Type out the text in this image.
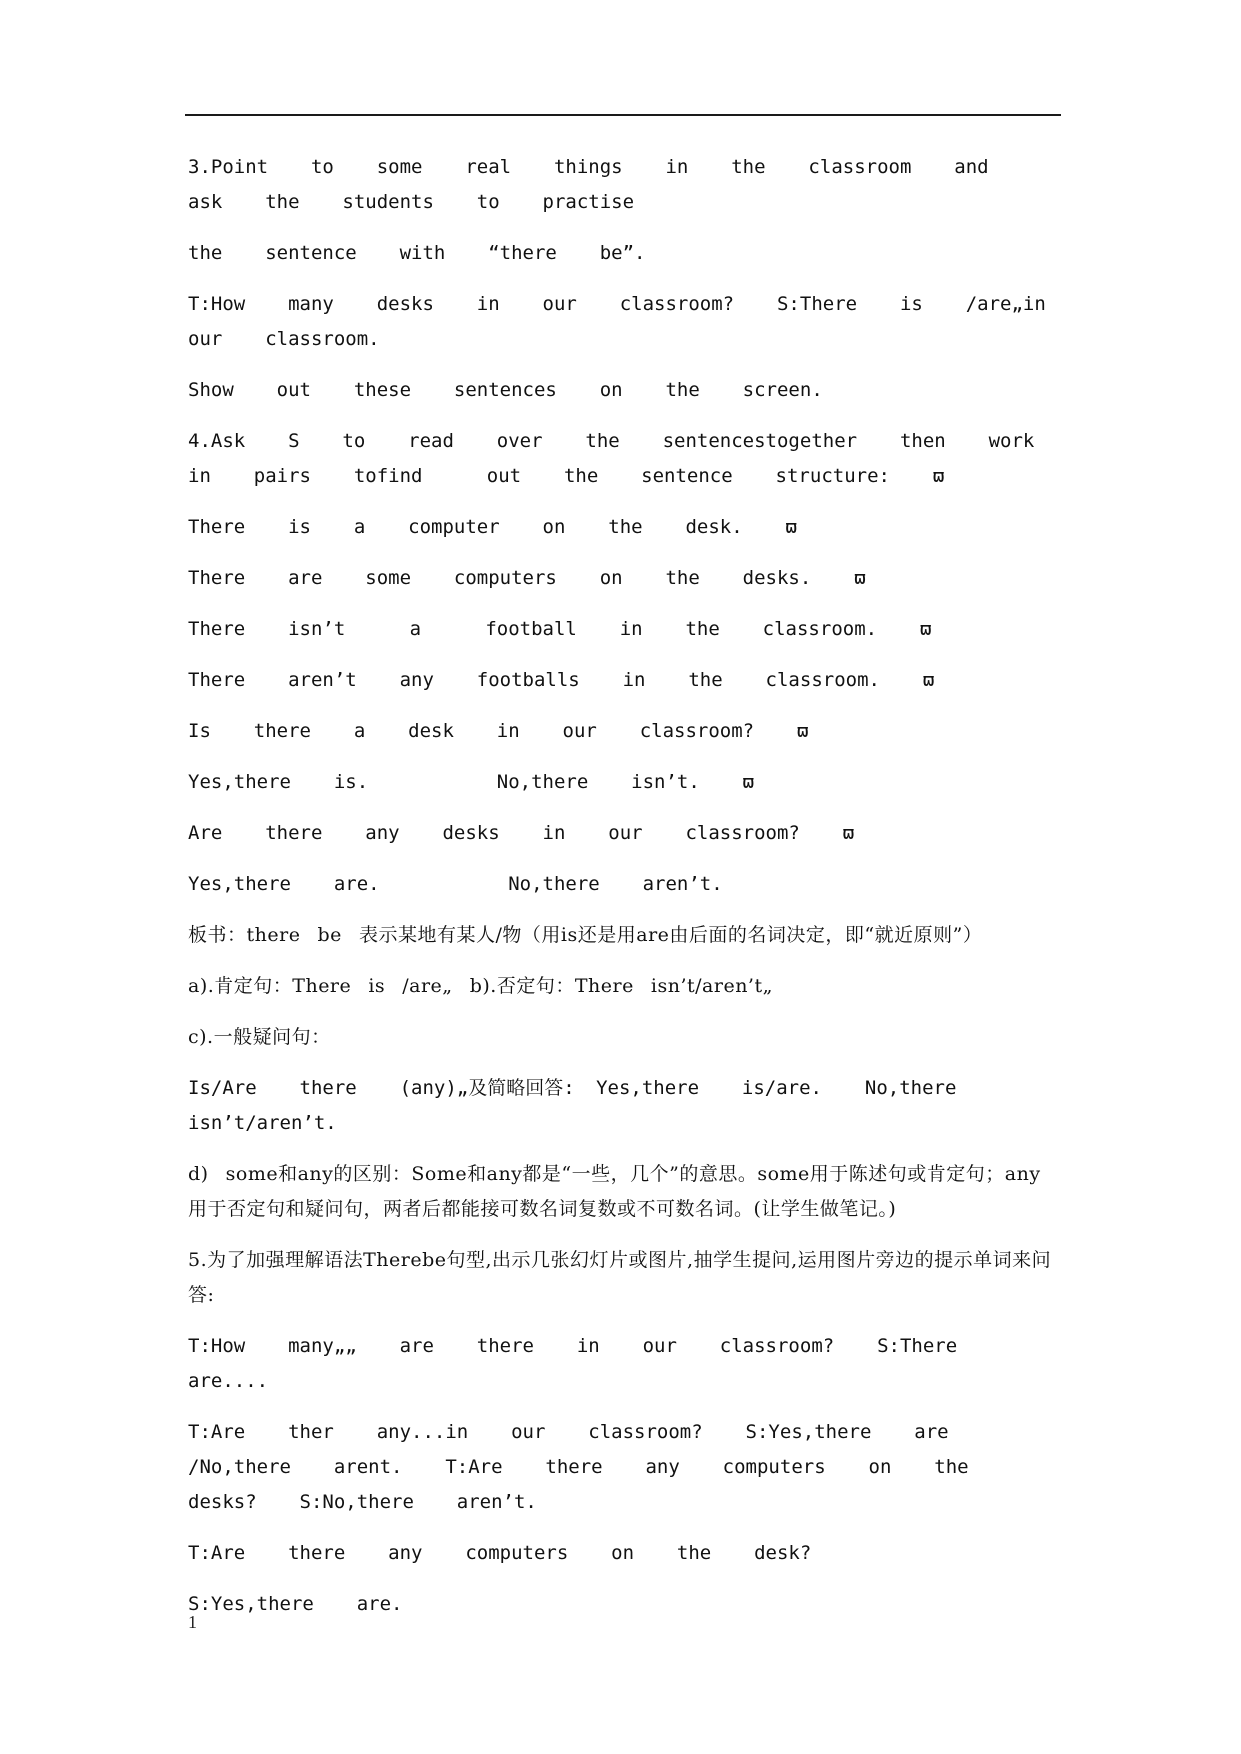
3.Point  to  some  real  things  in  the  classroom  and  ask  the  students  to  practise

the  sentence  with  “there  be”.

T:How  many  desks  in  our  classroom?  S:There  is  /are„in  our  classroom.

Show  out  these  sentences  on  the  screen.

4.Ask  S  to  read  over  the  sentencestogether  then  work  in  pairs  tofind   out  the  sentence  structure:  ϖ

There  is  a  computer  on  the  desk.  ϖ

There  are  some  computers  on  the  desks.  ϖ

There  isn’t   a   football  in  the  classroom.  ϖ

There  aren’t  any  footballs  in  the  classroom.  ϖ

Is  there  a  desk  in  our  classroom?  ϖ

Yes,there  is.      No,there  isn’t.  ϖ

Are  there  any  desks  in  our  classroom?  ϖ

Yes,there  are.      No,there  aren’t.

板书：there  be  表示某地有某人/物（用is还是用are由后面的名词决定，即“就近原则”）

a).肯定句：There  is  /are„  b).否定句：There  isn’t/aren’t„

c).一般疑问句：

Is/Are  there  (any)„及简略回答: Yes,there  is/are.  No,there  isn’t/aren’t.

d)  some和any的区别：Some和any都是“一些，几个”的意思。some用于陈述句或肯定句；any用于否定句和疑问句，两者后都能接可数名词复数或不可数名词。(让学生做笔记。)

5.为了加强理解语法Therebe句型,出示几张幻灯片或图片,抽学生提问,运用图片旁边的提示单词来问答:

T:How  many„„  are  there  in  our  classroom?  S:There  are....

T:Are  ther  any...in  our  classroom?  S:Yes,there  are  /No,there  arent.  T:Are  there  any  computers  on  the  desks?  S:No,there  aren’t.

T:Are  there  any  computers  on  the  desk?

S:Yes,there  are.

1
